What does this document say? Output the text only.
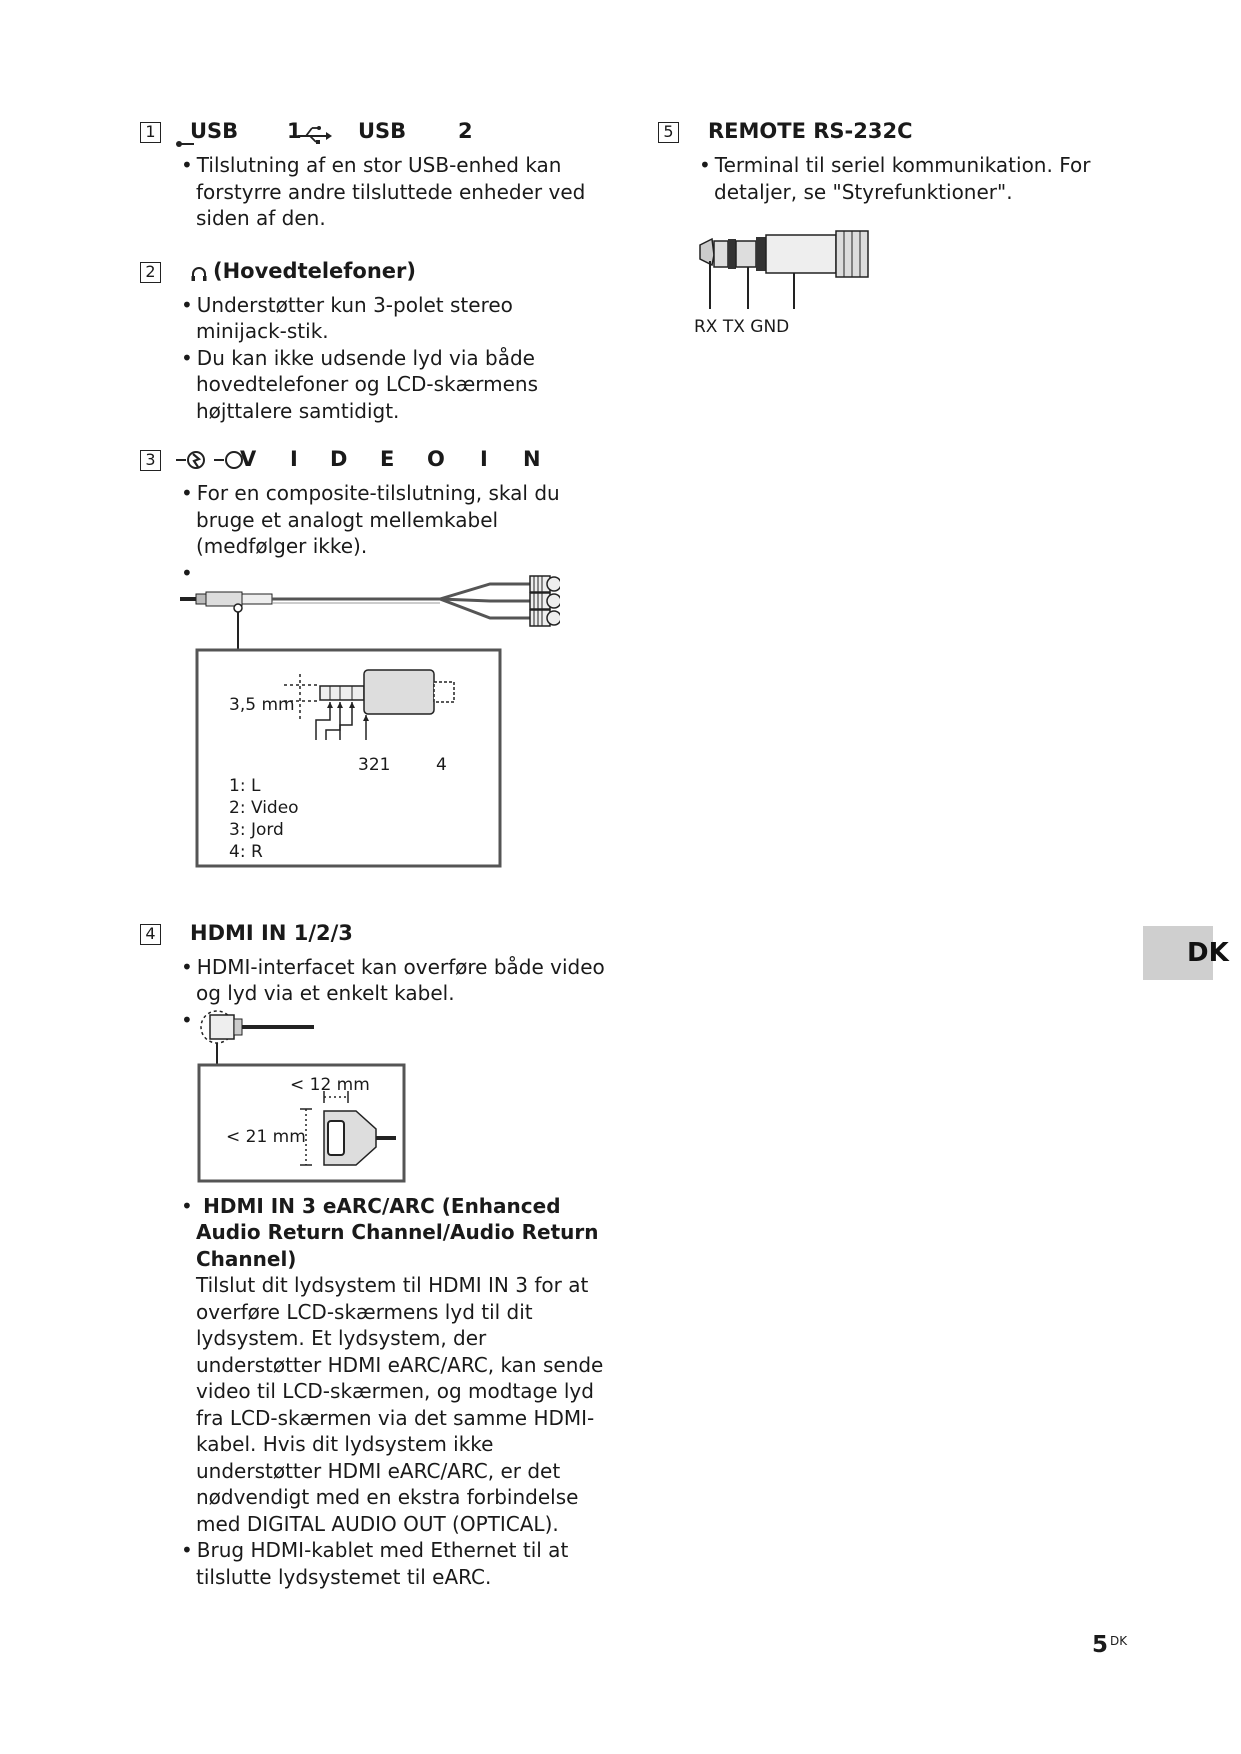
1 USB 1	USB 2
• Tilslutning af en stor USB-enhed kan forstyrre andre tilsluttede enheder ved siden af den.
2	(Hovedtelefoner)
• Understøtter kun 3-polet stereo minijack-stik.
• Du kan ikke udsende lyd via både hovedtelefoner og LCD-skærmens højttalere samtidigt.
3	V I D E O I N
• For en composite-tilslutning, skal du bruge et analogt mellemkabel (medfølger ikke).
•
3,5 mm
321	4
1: L
2: Video
3: Jord
4: R
4 HDMI IN 1/2/3
• HDMI-interfacet kan overføre både video og lyd via et enkelt kabel.
•
< 12 mm
< 21 mm
• HDMI IN 3 eARC/ARC (Enhanced Audio Return Channel/Audio Return Channel)
Tilslut dit lydsystem til HDMI IN 3 for at overføre LCD-skærmens lyd til dit lydsystem. Et lydsystem, der understøtter HDMI eARC/ARC, kan sende video til LCD-skærmen, og modtage lyd fra LCD-skærmen via det samme HDMI-kabel. Hvis dit lydsystem ikke understøtter HDMI eARC/ARC, er det nødvendigt med en ekstra forbindelse med DIGITAL AUDIO OUT (OPTICAL).
• Brug HDMI-kablet med Ethernet til at tilslutte lydsystemet til eARC.
5 REMOTE RS-232C
• Terminal til seriel kommunikation. For detaljer, se "Styrefunktioner".
RX TX GND
DK
5 $^{DK}$
